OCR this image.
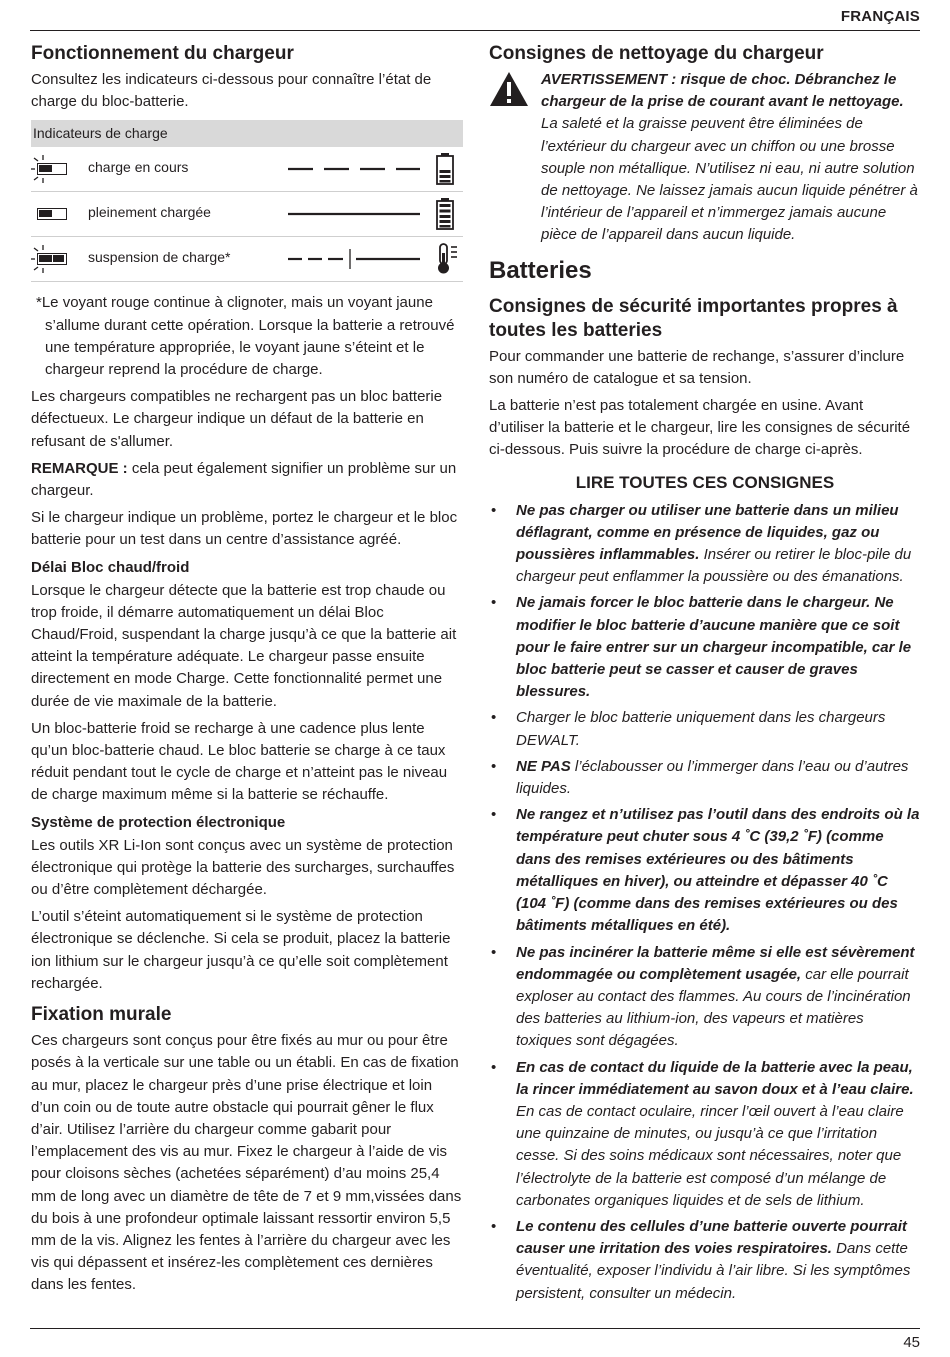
FRANÇAIS
Fonctionnement du chargeur

Consultez les indicateurs ci-dessous pour connaître l’état de charge du bloc-batterie.

Indicateurs de charge
charge en cours
pleinement chargée
suspension de charge*

*Le voyant rouge continue à clignoter, mais un voyant jaune s’allume durant cette opération. Lorsque la batterie a retrouvé une température appropriée, le voyant jaune s’éteint et le chargeur reprend la procédure de charge.

Les chargeurs compatibles ne rechargent pas un bloc batterie défectueux. Le chargeur indique un défaut de la batterie en refusant de s'allumer.

REMARQUE : cela peut également signifier un problème sur un chargeur.

Si le chargeur indique un problème, portez le chargeur et le bloc batterie pour un test dans un centre d’assistance agréé.

Délai Bloc chaud/froid

Lorsque le chargeur détecte que la batterie est trop chaude ou trop froide, il démarre automatiquement un délai Bloc Chaud/Froid, suspendant la charge jusqu’à ce que la batterie ait atteint la température adéquate. Le chargeur passe ensuite directement en mode Charge. Cette fonctionnalité permet une durée de vie maximale de la batterie.

Un bloc-batterie froid se recharge à une cadence plus lente qu’un bloc-batterie chaud. Le bloc batterie se charge à ce taux réduit pendant tout le cycle de charge et n’atteint pas le niveau de charge maximum même si la batterie se réchauffe.

Système de protection électronique

Les outils XR Li-Ion sont conçus avec un système de protection électronique qui protège la batterie des surcharges, surchauffes ou d’être complètement déchargée.

L’outil s’éteint automatiquement si le système de protection électronique se déclenche. Si cela se produit, placez la batterie ion lithium sur le chargeur jusqu’à ce qu’elle soit complètement rechargée.

Fixation murale

Ces chargeurs sont conçus pour être fixés au mur ou pour être posés à la verticale sur une table ou un établi. En cas de fixation au mur, placez le chargeur près d’une prise électrique et loin d’un coin ou de toute autre obstacle qui pourrait gêner le flux d’air. Utilisez l’arrière du chargeur comme gabarit pour l’emplacement des vis au mur. Fixez le chargeur à l’aide de vis pour cloisons sèches (achetées séparément) d’au moins 25,4 mm de long avec un diamètre de tête de 7 et 9 mm,vissées dans du bois à une profondeur optimale laissant ressortir environ 5,5 mm de la vis. Alignez les fentes à l’arrière du chargeur avec les vis qui dépassent et insérez-les complètement ces dernières dans les fentes.

Consignes de nettoyage du chargeur

AVERTISSEMENT : risque de choc. Débranchez le chargeur de la prise de courant avant le nettoyage. La saleté et la graisse peuvent être éliminées de l’extérieur du chargeur avec un chiffon ou une brosse souple non métallique. N’utilisez ni eau, ni autre solution de nettoyage. Ne laissez jamais aucun liquide pénétrer à l’intérieur de l’appareil et n’immergez jamais aucune pièce de l’appareil dans aucun liquide.

Batteries
Consignes de sécurité importantes propres à toutes les batteries

Pour commander une batterie de rechange, s’assurer d’inclure son numéro de catalogue et sa tension.

La batterie n’est pas totalement chargée en usine. Avant d’utiliser la batterie et le chargeur, lire les consignes de sécurité ci-dessous. Puis suivre la procédure de charge ci-après.

LIRE TOUTES CES CONSIGNES
• Ne pas charger ou utiliser une batterie dans un milieu déflagrant, comme en présence de liquides, gaz ou poussières inflammables. Insérer ou retirer le bloc-pile du chargeur peut enflammer la poussière ou des émanations.
• Ne jamais forcer le bloc batterie dans le chargeur. Ne modifier le bloc batterie d’aucune manière que ce soit pour le faire entrer sur un chargeur incompatible, car le bloc batterie peut se casser et causer de graves blessures.
• Charger le bloc batterie uniquement dans les chargeurs DEWALT.
• NE PAS l’éclabousser ou l’immerger dans l’eau ou d’autres liquides.
• Ne rangez et n’utilisez pas l’outil dans des endroits où la température peut chuter sous 4 ˚C (39,2 ˚F) (comme dans des remises extérieures ou des bâtiments métalliques en hiver), ou atteindre et dépasser 40 ˚C (104 ˚F) (comme dans des remises extérieures ou des bâtiments métalliques en été).
• Ne pas incinérer la batterie même si elle est sévèrement endommagée ou complètement usagée, car elle pourrait exploser au contact des flammes. Au cours de l’incinération des batteries au lithium-ion, des vapeurs et matières toxiques sont dégagées.
• En cas de contact du liquide de la batterie avec la peau, la rincer immédiatement au savon doux et à l’eau claire. En cas de contact oculaire, rincer l’œil ouvert à l’eau claire une quinzaine de minutes, ou jusqu’à ce que l’irritation cesse. Si des soins médicaux sont nécessaires, noter que l’électrolyte de la batterie est composé d’un mélange de carbonates organiques liquides et de sels de lithium.
• Le contenu des cellules d’une batterie ouverte pourrait causer une irritation des voies respiratoires. Dans cette éventualité, exposer l’individu à l’air libre. Si les symptômes persistent, consulter un médecin.
45
